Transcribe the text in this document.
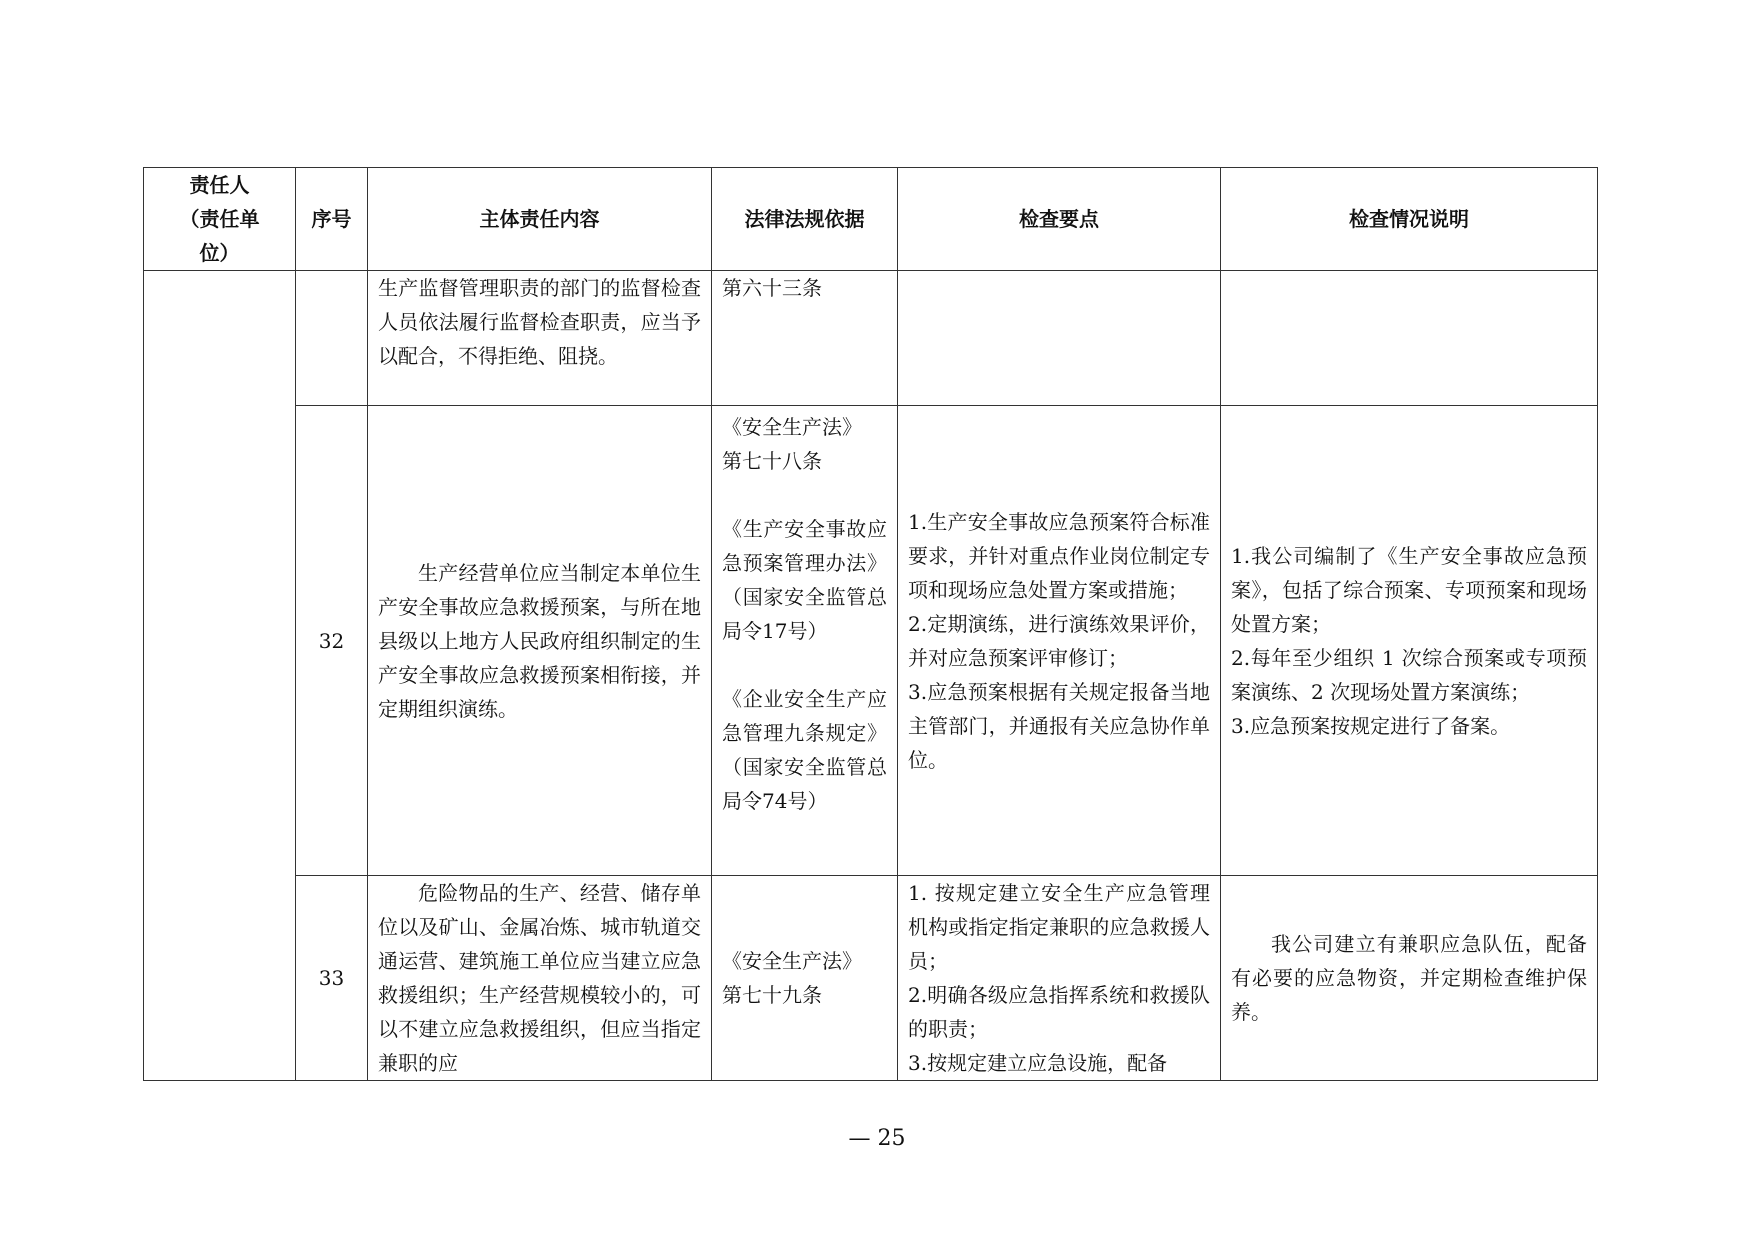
责任人
（责任单
位）	序号	主体责任内容	法律法规依据	检查要点	检查情况说明
		生产监督管理职责的部门的监督检查人员依法履行监督检查职责，应当予以配合，不得拒绝、阻挠。	第六十三条		
	32	生产经营单位应当制定本单位生产安全事故应急救援预案，与所在地县级以上地方人民政府组织制定的生产安全事故应急救援预案相衔接，并定期组织演练。	《安全生产法》
第七十八条

《生产安全事故应急预案管理办法》（国家安全监管总局令17号）

《企业安全生产应急管理九条规定》（国家安全监管总局令74号）	1.生产安全事故应急预案符合标准要求，并针对重点作业岗位制定专项和现场应急处置方案或措施；
2.定期演练，进行演练效果评价，并对应急预案评审修订；
3.应急预案根据有关规定报备当地主管部门，并通报有关应急协作单位。	1.我公司编制了《生产安全事故应急预案》，包括了综合预案、专项预案和现场处置方案；
2.每年至少组织 1 次综合预案或专项预案演练、2 次现场处置方案演练；
3.应急预案按规定进行了备案。
	33	危险物品的生产、经营、储存单位以及矿山、金属冶炼、城市轨道交通运营、建筑施工单位应当建立应急救援组织；生产经营规模较小的，可以不建立应急救援组织，但应当指定兼职的应	《安全生产法》
第七十九条	1. 按规定建立安全生产应急管理机构或指定指定兼职的应急救援人员；
2.明确各级应急指挥系统和救援队的职责；
3.按规定建立应急设施，配备	我公司建立有兼职应急队伍，配备有必要的应急物资，并定期检查维护保养。
— 25
